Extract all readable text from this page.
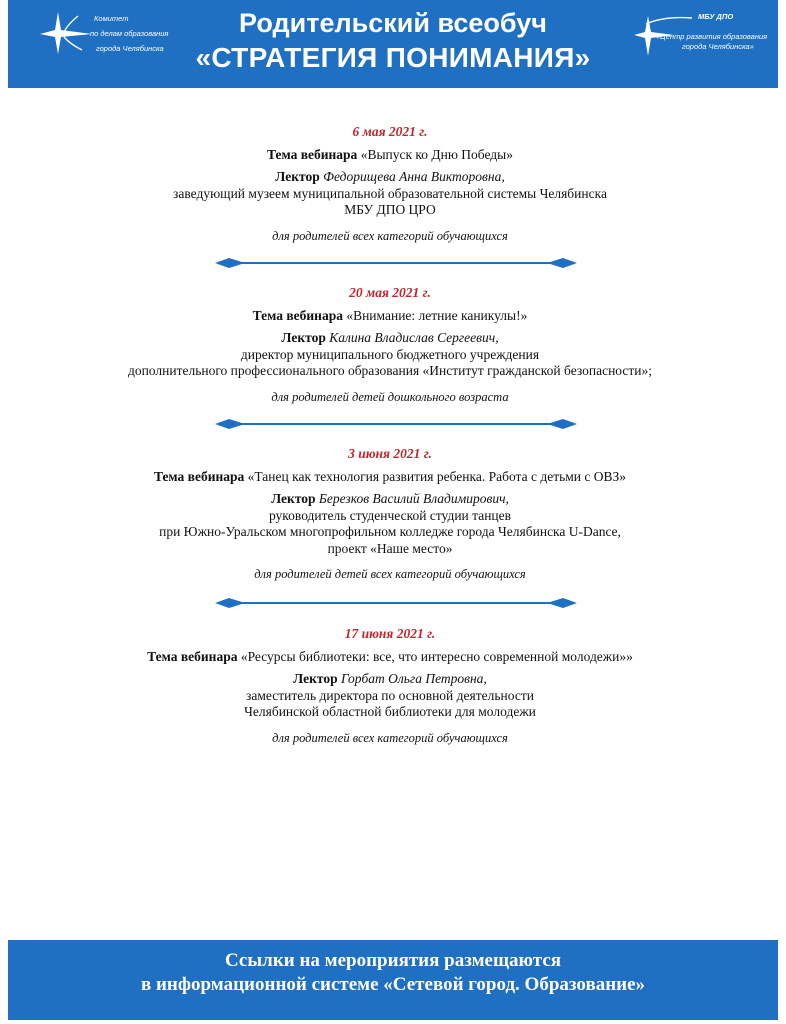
Комитет
по делам образования
города Челябинска
Родительский всеобуч
«СТРАТЕГИЯ ПОНИМАНИЯ»
МБУ ДПО
«Центр развития образования
города Челябинска»
6 мая 2021 г.
Тема вебинара «Выпуск ко Дню Победы»
Лектор Федорищева Анна Викторовна,
заведующий музеем муниципальной образовательной системы Челябинска
МБУ ДПО ЦРО
для родителей всех категорий обучающихся
20 мая 2021 г.
Тема вебинара «Внимание: летние каникулы!»
Лектор Калина Владислав Сергеевич,
директор муниципального бюджетного учреждения
дополнительного профессионального образования «Институт гражданской безопасности»;
для родителей детей дошкольного возраста
3 июня 2021 г.
Тема вебинара «Танец как технология развития ребенка. Работа с детьми с ОВЗ»
Лектор Березков Василий Владимирович,
руководитель студенческой студии танцев
при Южно-Уральском многопрофильном колледже города Челябинска U-Dance,
проект «Наше место»
для родителей детей всех категорий обучающихся
17 июня 2021 г.
Тема вебинара «Ресурсы библиотеки: все, что интересно современной молодежи»»
Лектор Горбат Ольга Петровна,
заместитель директора по основной деятельности
Челябинской областной библиотеки для молодежи
для родителей всех категорий обучающихся
Ссылки на мероприятия размещаются
в информационной системе «Сетевой город. Образование»
